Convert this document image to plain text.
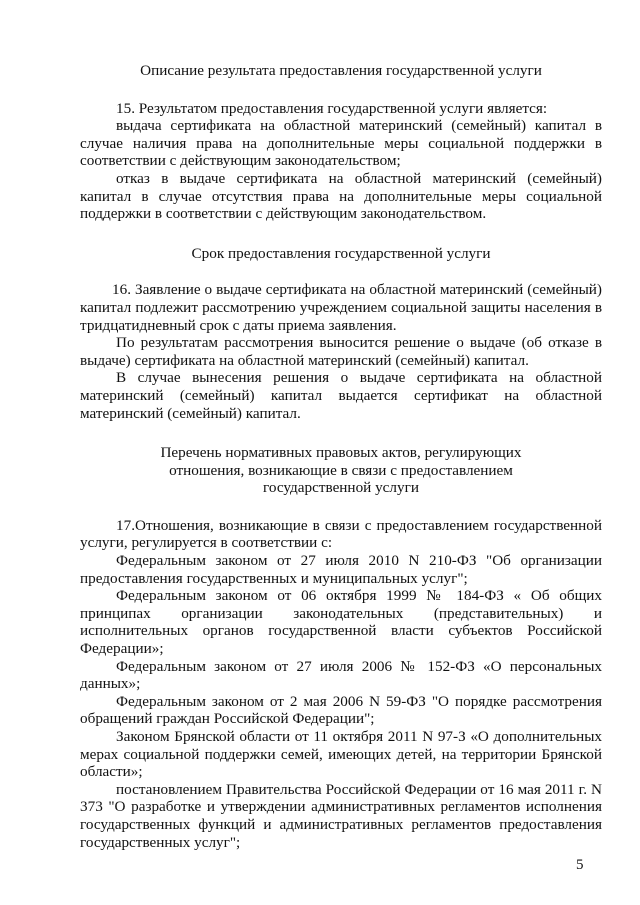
Описание результата предоставления государственной услуги

15. Результатом предоставления государственной услуги является:

выдача сертификата на областной материнский (семейный) капитал в случае наличия права на дополнительные меры социальной поддержки в соответствии с действующим законодательством;

отказ в выдаче сертификата на областной материнский (семейный) капитал в случае отсутствия права на дополнительные меры социальной поддержки в соответствии с действующим законодательством.

Срок предоставления государственной услуги

16. Заявление о выдаче сертификата на областной материнский (семейный) капитал подлежит рассмотрению учреждением социальной защиты населения в тридцатидневный срок с даты приема заявления.

По результатам рассмотрения выносится решение о выдаче (об отказе в выдаче) сертификата на областной материнский (семейный) капитал.

В случае вынесения решения о выдаче сертификата на областной материнский (семейный) капитал выдается сертификат на областной материнский (семейный) капитал.

Перечень нормативных правовых актов, регулирующих
отношения, возникающие в связи с предоставлением
государственной услуги

17.Отношения, возникающие в связи с предоставлением государственной услуги, регулируется в соответствии с:

Федеральным законом от 27 июля 2010 N 210-ФЗ "Об организации предоставления государственных и муниципальных услуг";

Федеральным законом от 06 октября 1999 № 184-ФЗ « Об общих принципах организации законодательных (представительных) и исполнительных органов государственной власти субъектов Российской Федерации»;

Федеральным законом от 27 июля 2006 № 152-ФЗ «О персональных данных»;

Федеральным законом от 2 мая 2006 N 59-ФЗ "О порядке рассмотрения обращений граждан Российской Федерации";

Законом Брянской области от 11 октября 2011 N 97-З «О дополнительных мерах социальной поддержки семей, имеющих детей, на территории Брянской области»;

постановлением Правительства Российской Федерации от 16 мая 2011 г. N 373 "О разработке и утверждении административных регламентов исполнения государственных функций и административных регламентов предоставления государственных услуг";

5
